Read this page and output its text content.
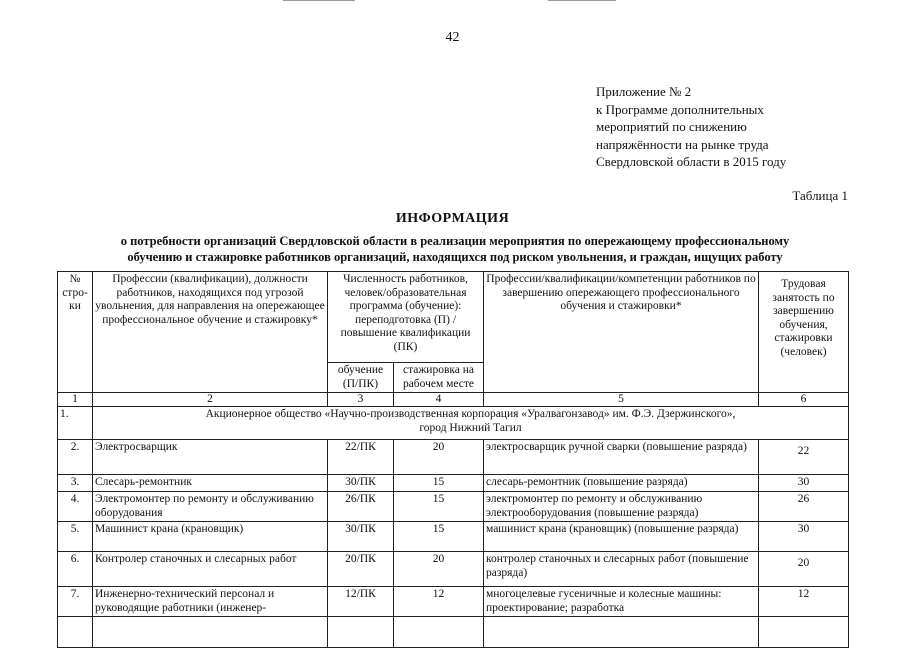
42
Приложение № 2
к Программе дополнительных
мероприятий по снижению
напряжённости на рынке труда
Свердловской области в 2015 году
Таблица 1
ИНФОРМАЦИЯ
о потребности организаций Свердловской области в реализации мероприятия по опережающему профессиональному
обучению и стажировке работников организаций, находящихся под риском увольнения, и граждан, ищущих работу
№ стро-ки	Профессии (квалификации), должности работников, находящихся под угрозой увольнения, для направления на опережающее профессиональное обучение и стажировку*	Численность работников, человек/образовательная программа (обучение): переподготовка (П) /повышение квалификации (ПК)		Профессии/квалификации/компетенции работников по завершению опережающего профессионального обучения и стажировки*	Трудовая занятость по завершению обучения, стажировки (человек)
		обучение (П/ПК)	стажировка на рабочем месте		
1	2	3	4	5	6
1.	Акционерное общество «Научно-производственная корпорация «Уралвагонзавод» им. Ф.Э. Дзержинского»,
город Нижний Тагил				

2.	Электросварщик	22/ПК	20	электросварщик ручной сварки (повышение разряда)	22
3.	Слесарь-ремонтник	30/ПК	15	слесарь-ремонтник (повышение разряда)	30
4.	Электромонтер по ремонту и обслуживанию оборудования	26/ПК	15	электромонтер по ремонту и обслуживанию электрооборудования (повышение разряда)	26
5.	Машинист крана (крановщик)	30/ПК	15	машинист крана (крановщик) (повышение разряда)	30
6.	Контролер станочных и слесарных работ	20/ПК	20	контролер станочных и слесарных работ (повышение разряда)	20
7.	Инженерно-технический персонал и руководящие работники (инженер-	12/ПК	12	многоцелевые гусеничные и колесные машины: проектирование; разработка	12
